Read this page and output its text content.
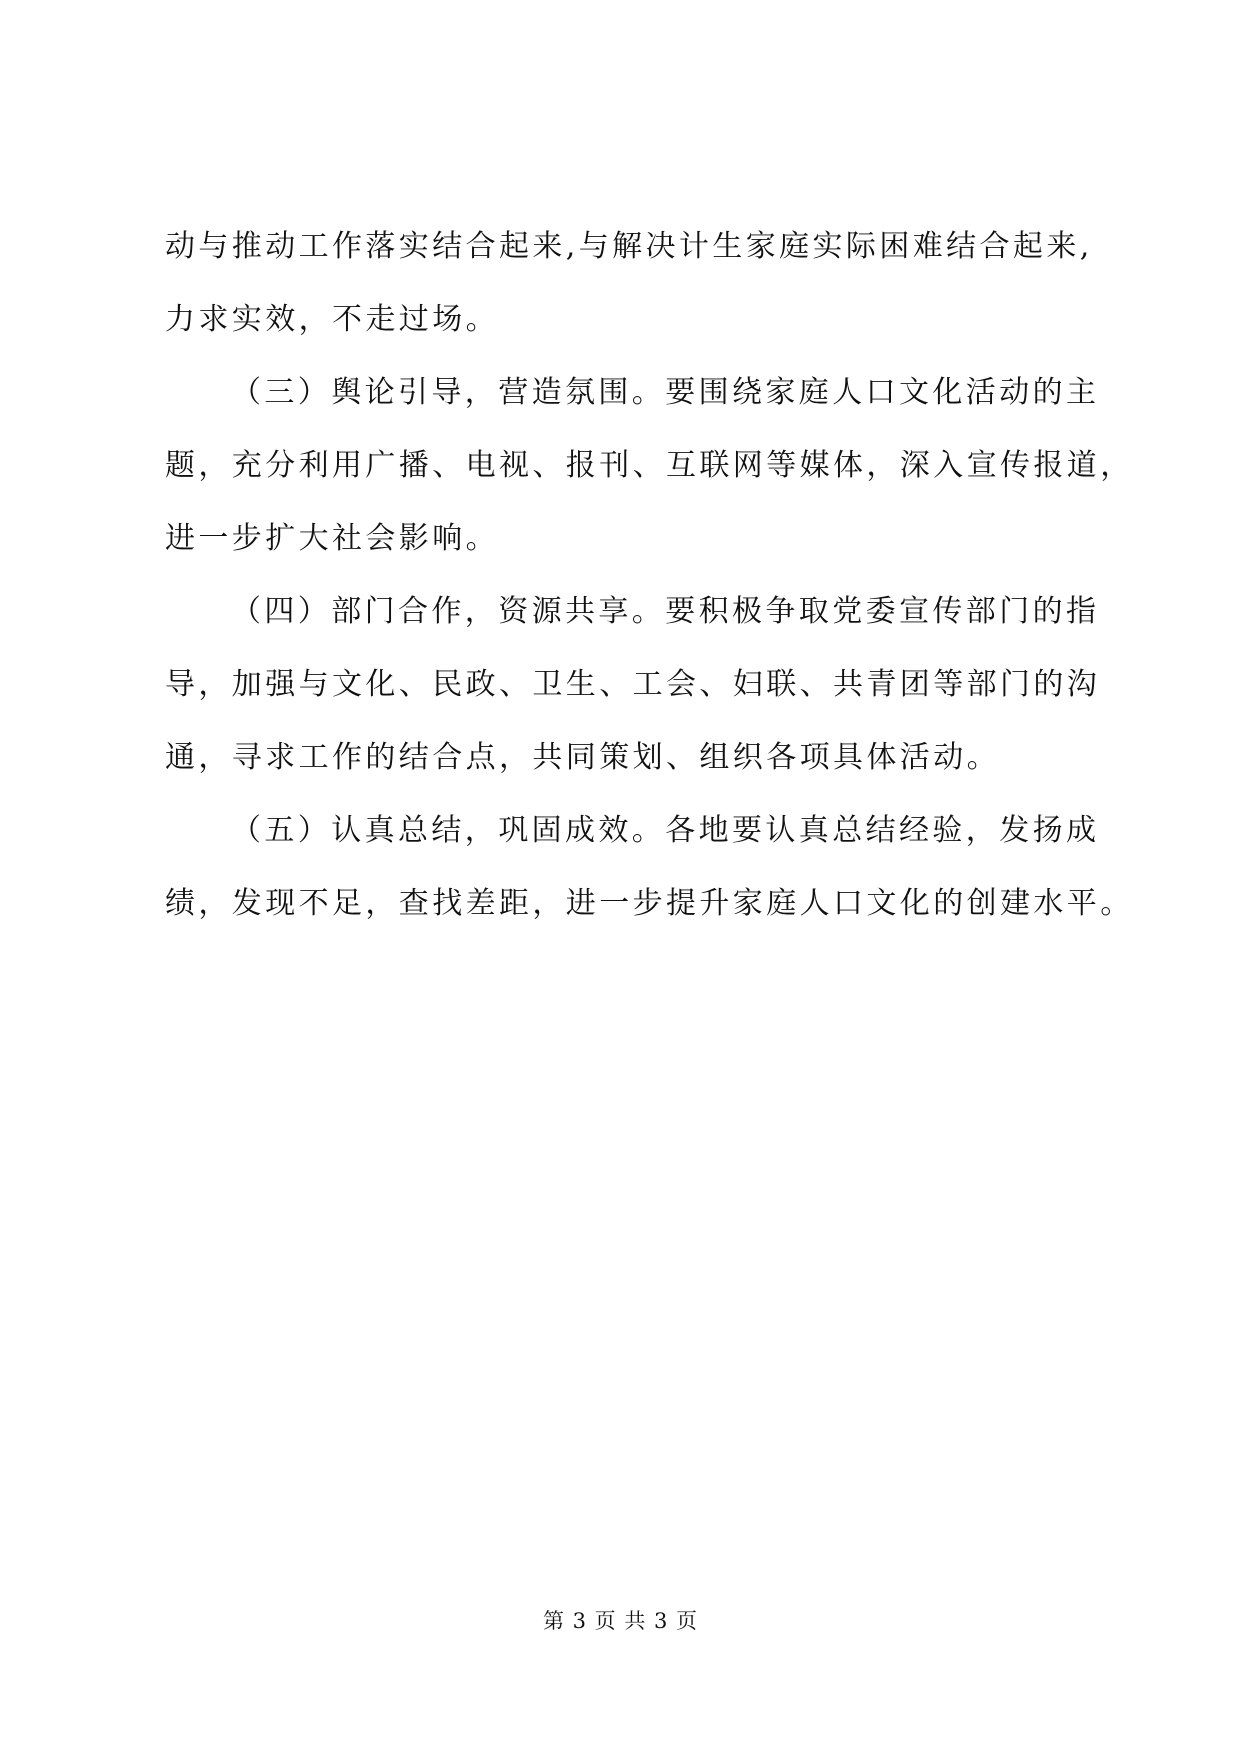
动与推动工作落实结合起来,与解决计生家庭实际困难结合起来,
力求实效，不走过场。
（三）舆论引导，营造氛围。要围绕家庭人口文化活动的主
题，充分利用广播、电视、报刊、互联网等媒体，深入宣传报道，
进一步扩大社会影响。
（四）部门合作，资源共享。要积极争取党委宣传部门的指
导，加强与文化、民政、卫生、工会、妇联、共青团等部门的沟
通，寻求工作的结合点，共同策划、组织各项具体活动。
（五）认真总结，巩固成效。各地要认真总结经验，发扬成
绩，发现不足，查找差距，进一步提升家庭人口文化的创建水平。
第 3 页 共 3 页
